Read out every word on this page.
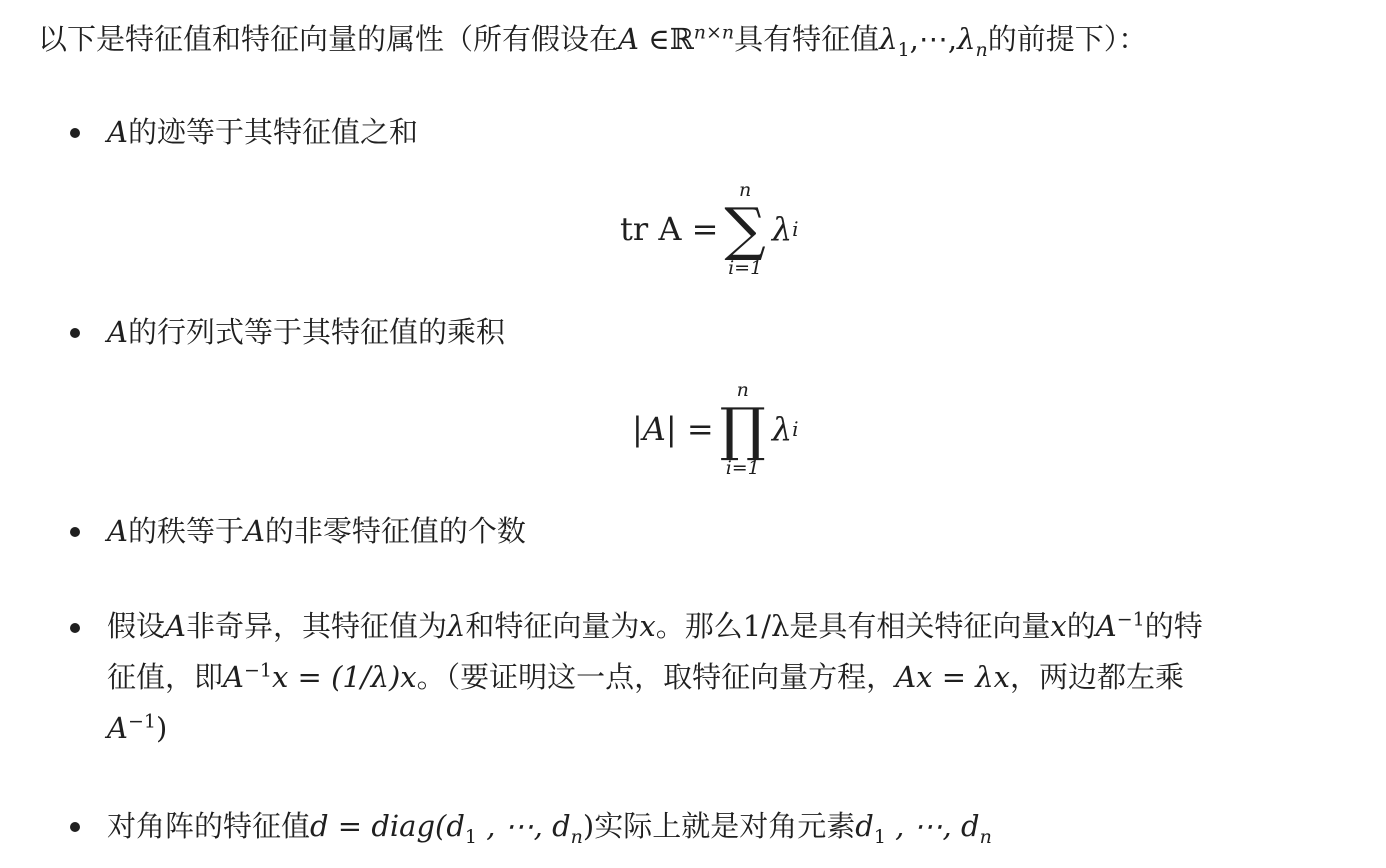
以下是特征值和特征向量的属性（所有假设在A ∈ℝ$^{n\times n}$具有特征值$\lambda_1,\cdots,\lambda_n$的前提下）：
A的迹等于其特征值之和
tr A =
n
∑
i=1
λ i
A的行列式等于其特征值的乘积
|A| =
n
∏
i=1
λ i
A的秩等于A的非零特征值的个数
假设A非奇异，其特征值为λ和特征向量为x。那么1/λ是具有相关特征向量x的$A^{-1}$的特
征值，即$A^{-1}x = (1/\lambda)x$。（要证明这一点，取特征向量方程，Ax = λx，两边都左乘
$A^{-1}$)
对角阵的特征值$d = diag(d_1$ , ⋯, $d_n$)实际上就是对角元素$d_1$ , ⋯, $d_n$
